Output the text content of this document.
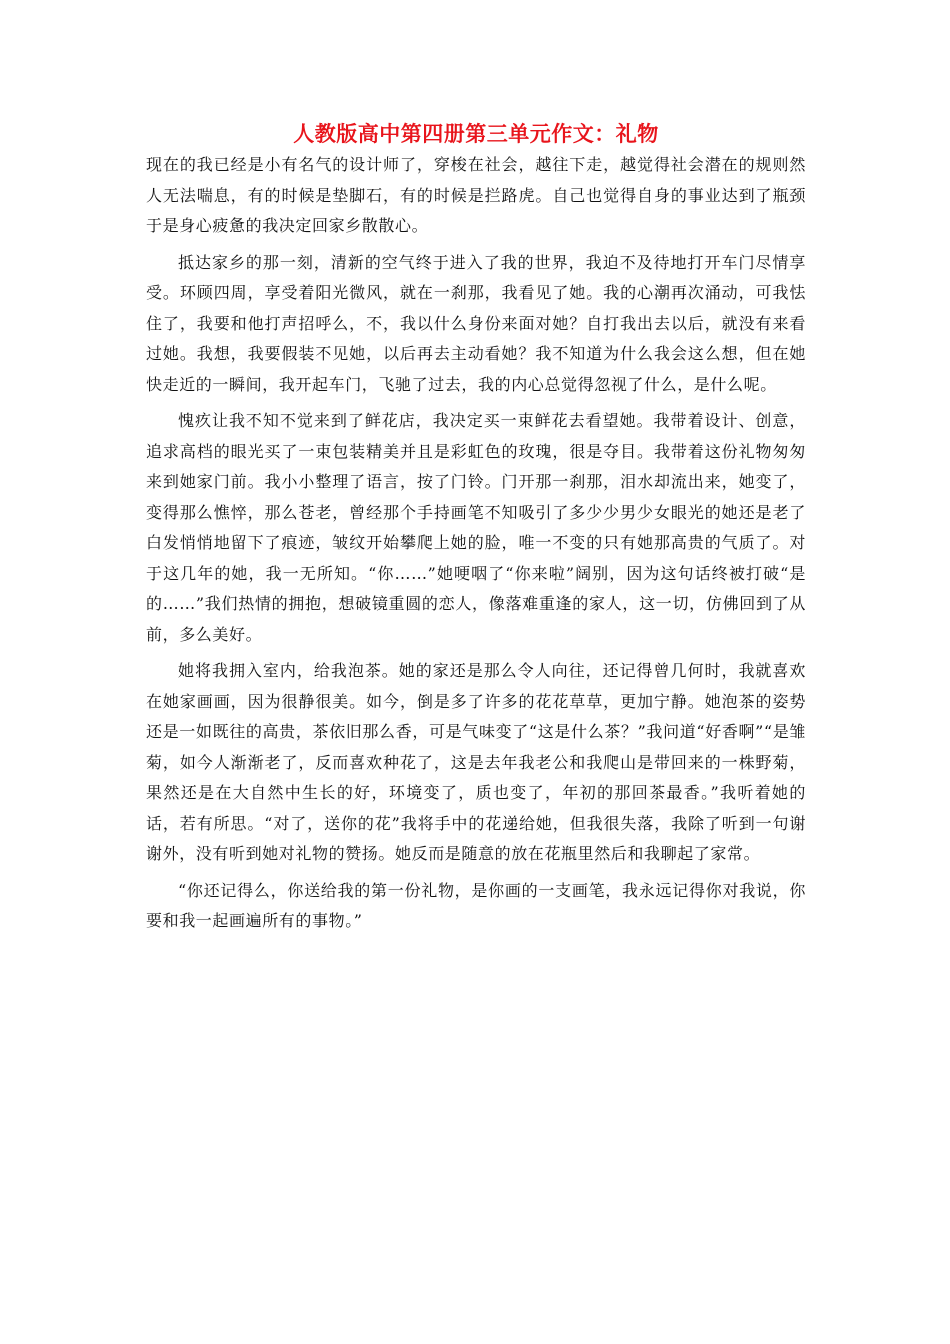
人教版高中第四册第三单元作文：礼物

现在的我已经是小有名气的设计师了，穿梭在社会，越往下走，越觉得社会潜在的规则然人无法喘息，有的时候是垫脚石，有的时候是拦路虎。自己也觉得自身的事业达到了瓶颈于是身心疲惫的我决定回家乡散散心。

抵达家乡的那一刻，清新的空气终于进入了我的世界，我迫不及待地打开车门尽情享受。环顾四周，享受着阳光微风，就在一刹那，我看见了她。我的心潮再次涌动，可我怯住了，我要和他打声招呼么，不，我以什么身份来面对她？自打我出去以后，就没有来看过她。我想，我要假装不见她，以后再去主动看她？我不知道为什么我会这么想，但在她快走近的一瞬间，我开起车门，飞驰了过去，我的内心总觉得忽视了什么，是什么呢。

愧疚让我不知不觉来到了鲜花店，我决定买一束鲜花去看望她。我带着设计、创意，追求高档的眼光买了一束包装精美并且是彩虹色的玫瑰，很是夺目。我带着这份礼物匆匆来到她家门前。我小小整理了语言，按了门铃。门开那一刹那，泪水却流出来，她变了，变得那么憔悴，那么苍老，曾经那个手持画笔不知吸引了多少少男少女眼光的她还是老了白发悄悄地留下了痕迹，皱纹开始攀爬上她的脸，唯一不变的只有她那高贵的气质了。对于这几年的她，我一无所知。“你……”她哽咽了“你来啦”阔别，因为这句话终被打破“是的……”我们热情的拥抱，想破镜重圆的恋人，像落难重逢的家人，这一切，仿佛回到了从前，多么美好。

她将我拥入室内，给我泡茶。她的家还是那么令人向往，还记得曾几何时，我就喜欢在她家画画，因为很静很美。如今，倒是多了许多的花花草草，更加宁静。她泡茶的姿势还是一如既往的高贵，茶依旧那么香，可是气味变了“这是什么茶？”我问道“好香啊”“是雏菊，如今人渐渐老了，反而喜欢种花了，这是去年我老公和我爬山是带回来的一株野菊，果然还是在大自然中生长的好，环境变了，质也变了，年初的那回茶最香。”我听着她的话，若有所思。“对了，送你的花”我将手中的花递给她，但我很失落，我除了听到一句谢谢外，没有听到她对礼物的赞扬。她反而是随意的放在花瓶里然后和我聊起了家常。

“你还记得么，你送给我的第一份礼物，是你画的一支画笔，我永远记得你对我说，你要和我一起画遍所有的事物。”
